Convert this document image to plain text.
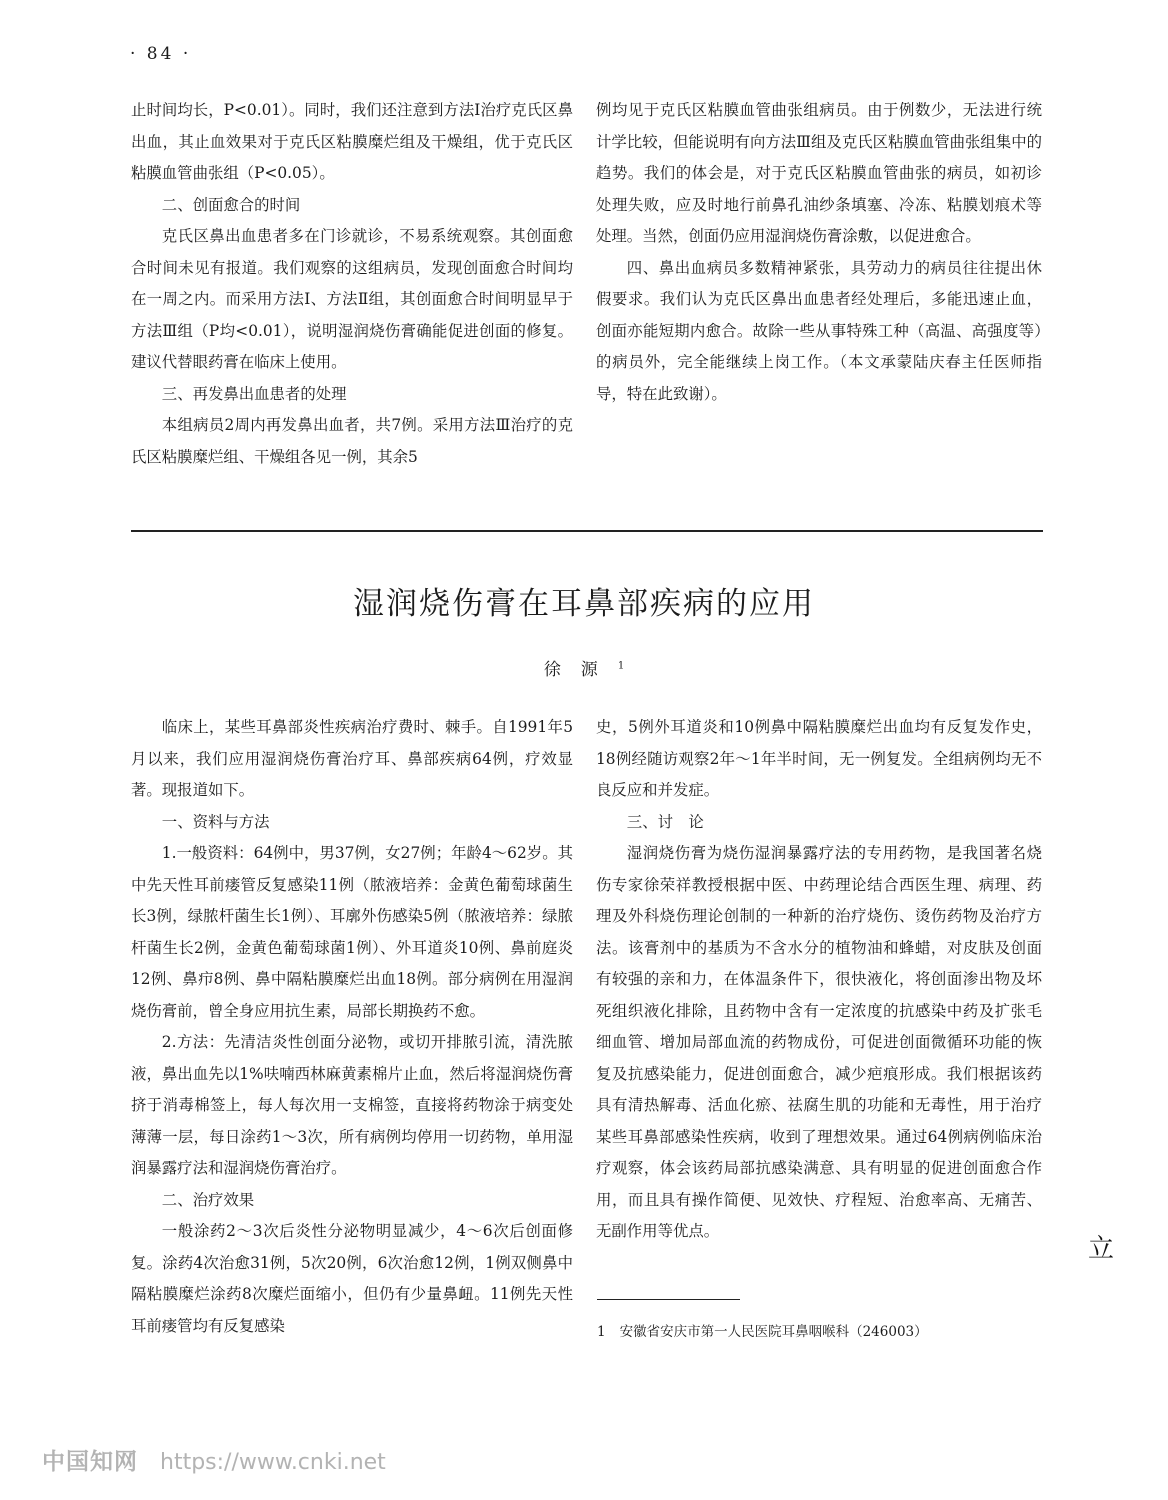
· 84 ·

止时间均长，P<0.01）。同时，我们还注意到方法Ⅰ治疗克氏区鼻出血，其止血效果对于克氏区粘膜糜烂组及干燥组，优于克氏区粘膜血管曲张组（P<0.05）。

二、创面愈合的时间

克氏区鼻出血患者多在门诊就诊，不易系统观察。其创面愈合时间未见有报道。我们观察的这组病员，发现创面愈合时间均在一周之内。而采用方法Ⅰ、方法Ⅱ组，其创面愈合时间明显早于方法Ⅲ组（P均<0.01），说明湿润烧伤膏确能促进创面的修复。建议代替眼药膏在临床上使用。

三、再发鼻出血患者的处理

本组病员2周内再发鼻出血者，共7例。采用方法Ⅲ治疗的克氏区粘膜糜烂组、干燥组各见一例，其余5

例均见于克氏区粘膜血管曲张组病员。由于例数少，无法进行统计学比较，但能说明有向方法Ⅲ组及克氏区粘膜血管曲张组集中的趋势。我们的体会是，对于克氏区粘膜血管曲张的病员，如初诊处理失败，应及时地行前鼻孔油纱条填塞、冷冻、粘膜划痕术等处理。当然，创面仍应用湿润烧伤膏涂敷，以促进愈合。

四、鼻出血病员多数精神紧张，具劳动力的病员往往提出休假要求。我们认为克氏区鼻出血患者经处理后，多能迅速止血，创面亦能短期内愈合。故除一些从事特殊工种（高温、高强度等）的病员外，完全能继续上岗工作。（本文承蒙陆庆春主任医师指导，特在此致谢）。

湿润烧伤膏在耳鼻部疾病的应用
徐源$^1$

临床上，某些耳鼻部炎性疾病治疗费时、棘手。自1991年5月以来，我们应用湿润烧伤膏治疗耳、鼻部疾病64例，疗效显著。现报道如下。

一、资料与方法

1.一般资料：64例中，男37例，女27例；年龄4～62岁。其中先天性耳前瘘管反复感染11例（脓液培养：金黄色葡萄球菌生长3例，绿脓杆菌生长1例）、耳廓外伤感染5例（脓液培养：绿脓杆菌生长2例，金黄色葡萄球菌1例）、外耳道炎10例、鼻前庭炎12例、鼻疖8例、鼻中隔粘膜糜烂出血18例。部分病例在用湿润烧伤膏前，曾全身应用抗生素，局部长期换药不愈。

2.方法：先清洁炎性创面分泌物，或切开排脓引流，清洗脓液，鼻出血先以1%呋喃西林麻黄素棉片止血，然后将湿润烧伤膏挤于消毒棉签上，每人每次用一支棉签，直接将药物涂于病变处薄薄一层，每日涂药1～3次，所有病例均停用一切药物，单用湿润暴露疗法和湿润烧伤膏治疗。

二、治疗效果

一般涂药2～3次后炎性分泌物明显减少，4～6次后创面修复。涂药4次治愈31例，5次20例，6次治愈12例，1例双侧鼻中隔粘膜糜烂涂药8次糜烂面缩小，但仍有少量鼻衄。11例先天性耳前瘘管均有反复感染

史，5例外耳道炎和10例鼻中隔粘膜糜烂出血均有反复发作史，18例经随访观察2年～1年半时间，无一例复发。全组病例均无不良反应和并发症。

三、讨　论

湿润烧伤膏为烧伤湿润暴露疗法的专用药物，是我国著名烧伤专家徐荣祥教授根据中医、中药理论结合西医生理、病理、药理及外科烧伤理论创制的一种新的治疗烧伤、烫伤药物及治疗方法。该膏剂中的基质为不含水分的植物油和蜂蜡，对皮肤及创面有较强的亲和力，在体温条件下，很快液化，将创面渗出物及坏死组织液化排除，且药物中含有一定浓度的抗感染中药及扩张毛细血管、增加局部血流的药物成份，可促进创面微循环功能的恢复及抗感染能力，促进创面愈合，减少疤痕形成。我们根据该药具有清热解毒、活血化瘀、祛腐生肌的功能和无毒性，用于治疗某些耳鼻部感染性疾病，收到了理想效果。通过64例病例临床治疗观察，体会该药局部抗感染满意、具有明显的促进创面愈合作用，而且具有操作简便、见效快、疗程短、治愈率高、无痛苦、无副作用等优点。

1 安徽省安庆市第一人民医院耳鼻咽喉科（246003）
立
中国知网 https://www.cnki.net
